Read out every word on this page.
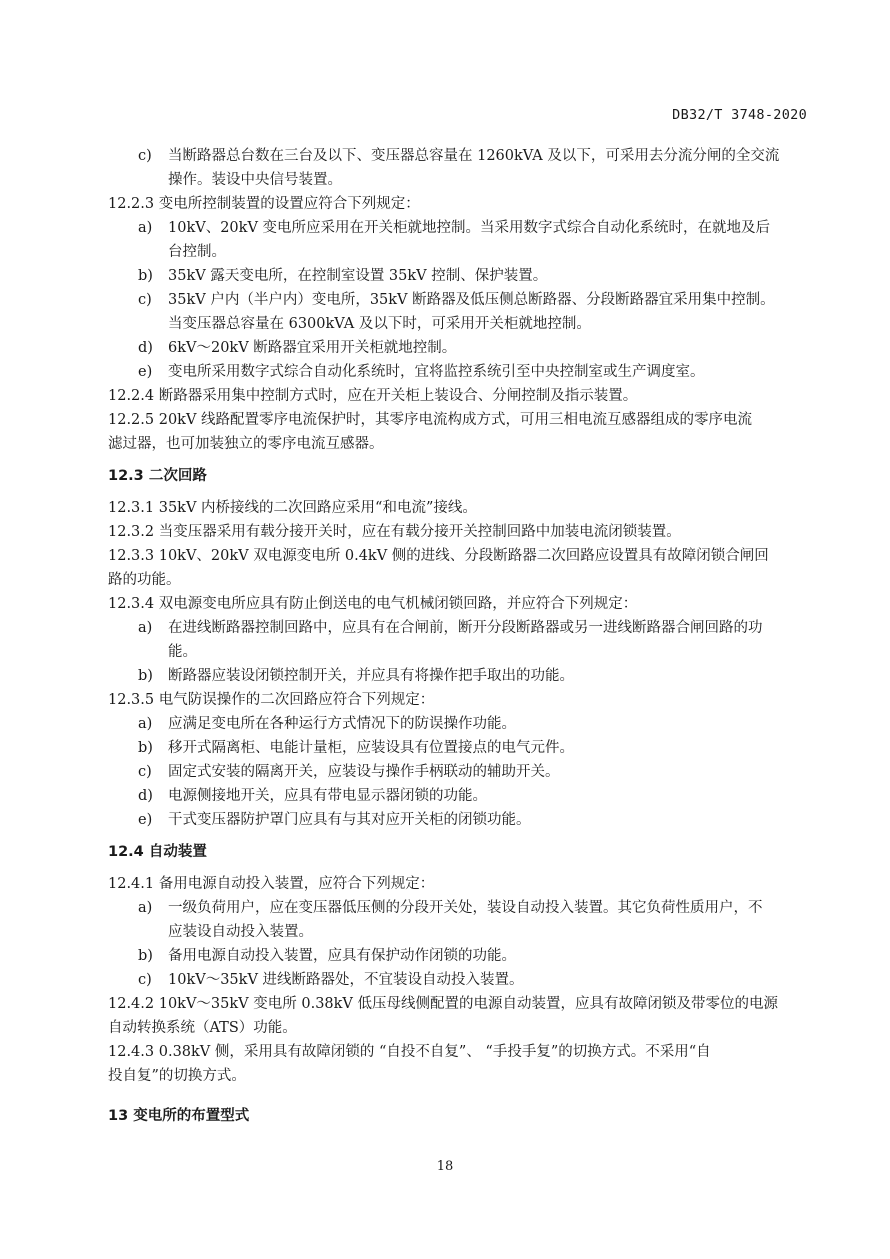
DB32/T 3748-2020
c) 当断路器总台数在三台及以下、变压器总容量在 1260kVA 及以下，可采用去分流分闸的全交流
操作。装设中央信号装置。
12.2.3 变电所控制装置的设置应符合下列规定：
a) 10kV、20kV 变电所应采用在开关柜就地控制。当采用数字式综合自动化系统时，在就地及后
台控制。
b) 35kV 露天变电所，在控制室设置 35kV 控制、保护装置。
c) 35kV 户内（半户内）变电所，35kV 断路器及低压侧总断路器、分段断路器宜采用集中控制。
当变压器总容量在 6300kVA 及以下时，可采用开关柜就地控制。
d) 6kV～20kV 断路器宜采用开关柜就地控制。
e) 变电所采用数字式综合自动化系统时，宜将监控系统引至中央控制室或生产调度室。
12.2.4 断路器采用集中控制方式时，应在开关柜上装设合、分闸控制及指示装置。
12.2.5 20kV 线路配置零序电流保护时，其零序电流构成方式，可用三相电流互感器组成的零序电流
滤过器，也可加装独立的零序电流互感器。
12.3 二次回路
12.3.1 35kV 内桥接线的二次回路应采用“和电流”接线。
12.3.2 当变压器采用有载分接开关时，应在有载分接开关控制回路中加装电流闭锁装置。
12.3.3 10kV、20kV 双电源变电所 0.4kV 侧的进线、分段断路器二次回路应设置具有故障闭锁合闸回
路的功能。
12.3.4 双电源变电所应具有防止倒送电的电气机械闭锁回路，并应符合下列规定：
a) 在进线断路器控制回路中，应具有在合闸前，断开分段断路器或另一进线断路器合闸回路的功
能。
b) 断路器应装设闭锁控制开关，并应具有将操作把手取出的功能。
12.3.5 电气防误操作的二次回路应符合下列规定：
a) 应满足变电所在各种运行方式情况下的防误操作功能。
b) 移开式隔离柜、电能计量柜，应装设具有位置接点的电气元件。
c) 固定式安装的隔离开关，应装设与操作手柄联动的辅助开关。
d) 电源侧接地开关，应具有带电显示器闭锁的功能。
e) 干式变压器防护罩门应具有与其对应开关柜的闭锁功能。
12.4 自动装置
12.4.1 备用电源自动投入装置，应符合下列规定：
a) 一级负荷用户，应在变压器低压侧的分段开关处，装设自动投入装置。其它负荷性质用户，不
应装设自动投入装置。
b) 备用电源自动投入装置，应具有保护动作闭锁的功能。
c) 10kV～35kV 进线断路器处，不宜装设自动投入装置。
12.4.2 10kV～35kV 变电所 0.38kV 低压母线侧配置的电源自动装置，应具有故障闭锁及带零位的电源
自动转换系统（ATS）功能。
12.4.3 0.38kV 侧，采用具有故障闭锁的 “自投不自复”、 “手投手复”的切换方式。不采用“自
投自复”的切换方式。
13 变电所的布置型式
18
